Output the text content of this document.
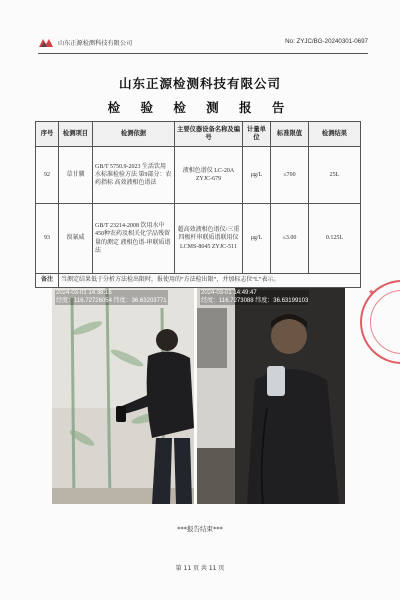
山东正源检测科技有限公司	No: ZYJC/BG-20240301-0697
山东正源检测科技有限公司
检 验 检 测 报 告
序号	检测项目	检测依据	主要仪器设备名称及编号	计量单位	标准限值	检测结果
92	草甘膦	GB/T 5750.9-2023 生活饮用水标准检验方法 第9部分：农药指标 高效液相色谱法	液相色谱仪 LC-20A ZYJC-679	μg/L	≤700	25L
93	溴氰威	GB/T 23214-2008 饮用水中450种农药及相关化学品残留量的测定 液相色谱-串联质谱法	超高效液相色谱仪/三重四极杆串联质谱联用仪 LCMS-8045 ZYJC-511	μg/L	≤3.00	0.125L
备注	当测定结果低于分析方法检出限时，报使用的“方法检出限”，并加标志位“L”表示。					
2024-03-01 14:38:16
经度：116.72726054 纬度：36.63203771
2024-03-01 14:49:47
经度：116.7273088 纬度：36.63199103
★
***报告结束***
第 11 页 共 11 页
